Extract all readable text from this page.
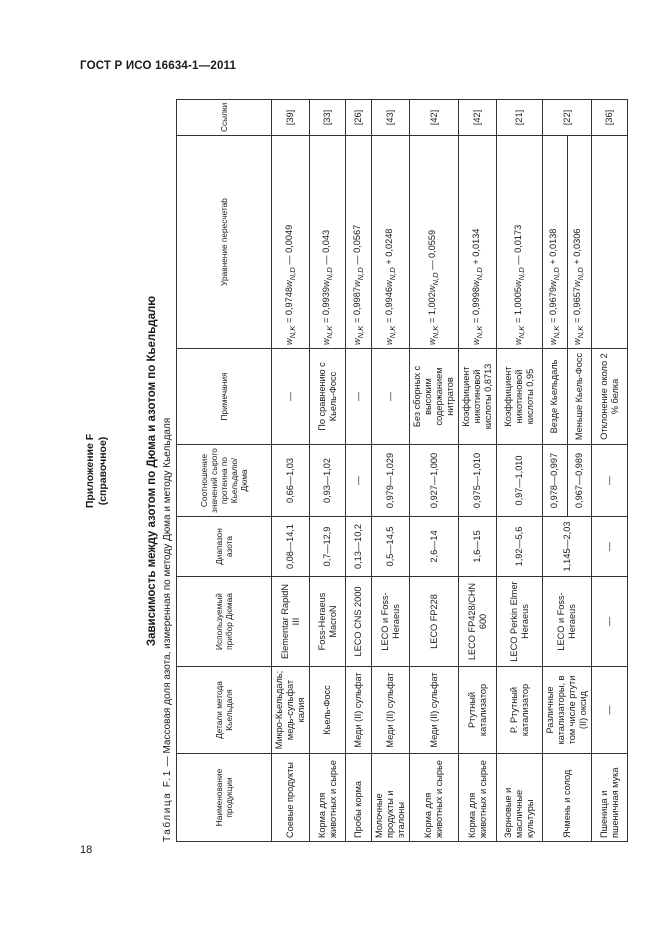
ГОСТ Р ИСО 16634-1—2011
Приложение F (справочное)	Зависимость между азотом по Дюма и азотом по Кьельдалю
Таблица F.1 — Массовая доля азота, измеренная по методу Дюма и методу Кьельдаля
Наименование продукции	Детали метода Кьельдаля	Используемый прибор Дюмаa	Диапазон азота	Соотношение значений сырого протеина по Кьельдалю/Дюма	Примечания	Уравнение пересчетаb	Ссылки
Соевые продукты	Микро-Кьельдаль; медь-сульфат калия	Elementar RapidN III	0,08—14,1	0,66—1,03	—	$w_{N,K} = 0,9748w_{N,D}$ — 0,0049	[39]
Корма для животных и сырье	Кьель-Фосс	Foss-Heraeus MacroN	0,7—12,9	0,93—1,02	По сравнению с Кьель-Фосс	$w_{N,K} = 0,9939w_{N,D}$ — 0,043	[33]
Пробы корма	Меди (II) сульфат	LECO CNS 2000	0,13—10,2	—	—	$w_{N,K} = 0,9987w_{N,D}$ — 0,0567	[26]
Молочные продукты и эталоны	Меди (II) сульфат	LECO и Foss-Heraeus	0,5—14,5	0,979—1,029	—	$w_{N,K} = 0,9946w_{N,D} + 0,0248$	[43]
Корма для животных и сырье	Меди (II) сульфат	LECO FP228	2,6—14	0,927—1,000	Без сборных с высоким содержанием нитратов	$w_{N,K} = 1,002w_{N,D}$ — 0,0559	[42]
Корма для животных и сырье	Ртутный катализатор	LECO FP428/CHN 600	1,6—15	0,975—1,010	Коэффициент никотиновой кислоты 0,8713	$w_{N,K} = 0,9998w_{N,D} + 0,0134$	[42]
Зерновые и масличные культуры	P. Ртутный катализатор	LECO Perkin Elmer Heraeus	1,92—5,6	0,97—1,010	Коэффициент никотиновой кислоты 0,95	$w_{N,K} = 1,0005w_{N,D}$ — 0,0173	[21]
Ячмень и солод	Различные катализаторы, в том числе ртути (II) оксид	LECO и Foss-Heraeus	1,145—2,03	0,978—0,997	Везде Кьельдаль	$w_{N,K} = 0,9679w_{N,D} + 0,0138$	[22]
				0,967—0,989	Меньше Кьель-Фосс	$w_{N,K} = 0,9657w_{N,D} + 0,0306$	
Пшеница и пшеничная мука	—	—	—	—	Отклонение около 2 % белка		[36]
18
